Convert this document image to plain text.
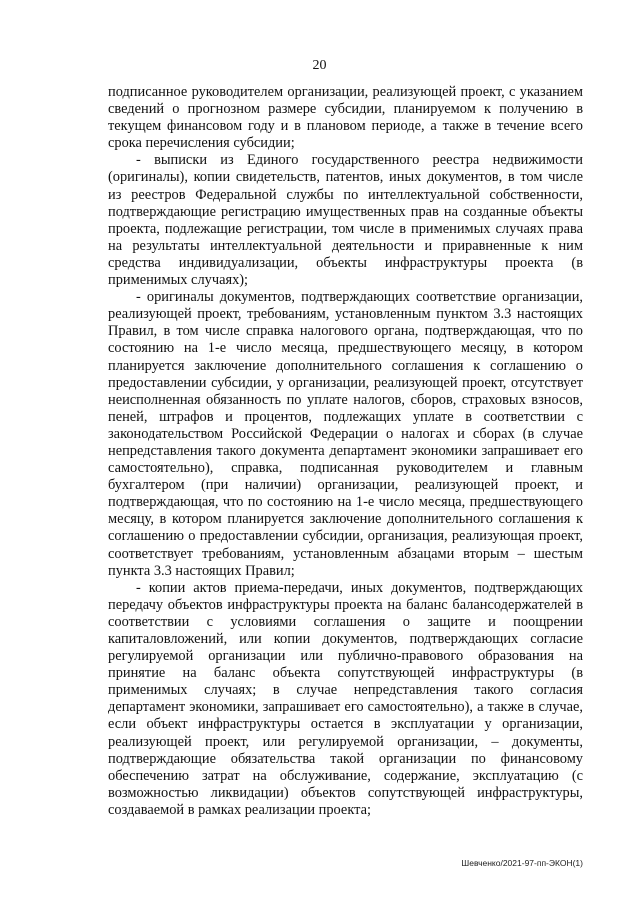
20

подписанное руководителем организации, реализующей проект, с указанием сведений о прогнозном размере субсидии, планируемом к получению в текущем финансовом году и в плановом периоде, а также в течение всего срока перечисления субсидии;

- выписки из Единого государственного реестра недвижимости (оригиналы), копии свидетельств, патентов, иных документов, в том числе из реестров Федеральной службы по интеллектуальной собственности, подтверждающие регистрацию имущественных прав на созданные объекты проекта, подлежащие регистрации, том числе в применимых случаях права на результаты интеллектуальной деятельности и приравненные к ним средства индивидуализации, объекты инфраструктуры проекта (в применимых случаях);

- оригиналы документов, подтверждающих соответствие организации, реализующей проект, требованиям, установленным пунктом 3.3 настоящих Правил, в том числе справка налогового органа, подтверждающая, что по состоянию на 1-е число месяца, предшествующего месяцу, в котором планируется заключение дополнительного соглашения к соглашению о предоставлении субсидии, у организации, реализующей проект, отсутствует неисполненная обязанность по уплате налогов, сборов, страховых взносов, пеней, штрафов и процентов, подлежащих уплате в соответствии с законодательством Российской Федерации о налогах и сборах (в случае непредставления такого документа департамент экономики запрашивает его самостоятельно), справка, подписанная руководителем и главным бухгалтером (при наличии) организации, реализующей проект, и подтверждающая, что по состоянию на 1-е число месяца, предшествующего месяцу, в котором планируется заключение дополнительного соглашения к соглашению о предоставлении субсидии, организация, реализующая проект, соответствует требованиям, установленным абзацами вторым – шестым пункта 3.3 настоящих Правил;

- копии актов приема-передачи, иных документов, подтверждающих передачу объектов инфраструктуры проекта на баланс балансодержателей в соответствии с условиями соглашения о защите и поощрении капиталовложений, или копии документов, подтверждающих согласие регулируемой организации или публично-правового образования на принятие на баланс объекта сопутствующей инфраструктуры (в применимых случаях; в случае непредставления такого согласия департамент экономики, запрашивает его самостоятельно), а также в случае, если объект инфраструктуры остается в эксплуатации у организации, реализующей проект, или регулируемой организации, – документы, подтверждающие обязательства такой организации по финансовому обеспечению затрат на обслуживание, содержание, эксплуатацию (с возможностью ликвидации) объектов сопутствующей инфраструктуры, создаваемой в рамках реализации проекта;

Шевченко/2021-97-пп-ЭКОН(1)
